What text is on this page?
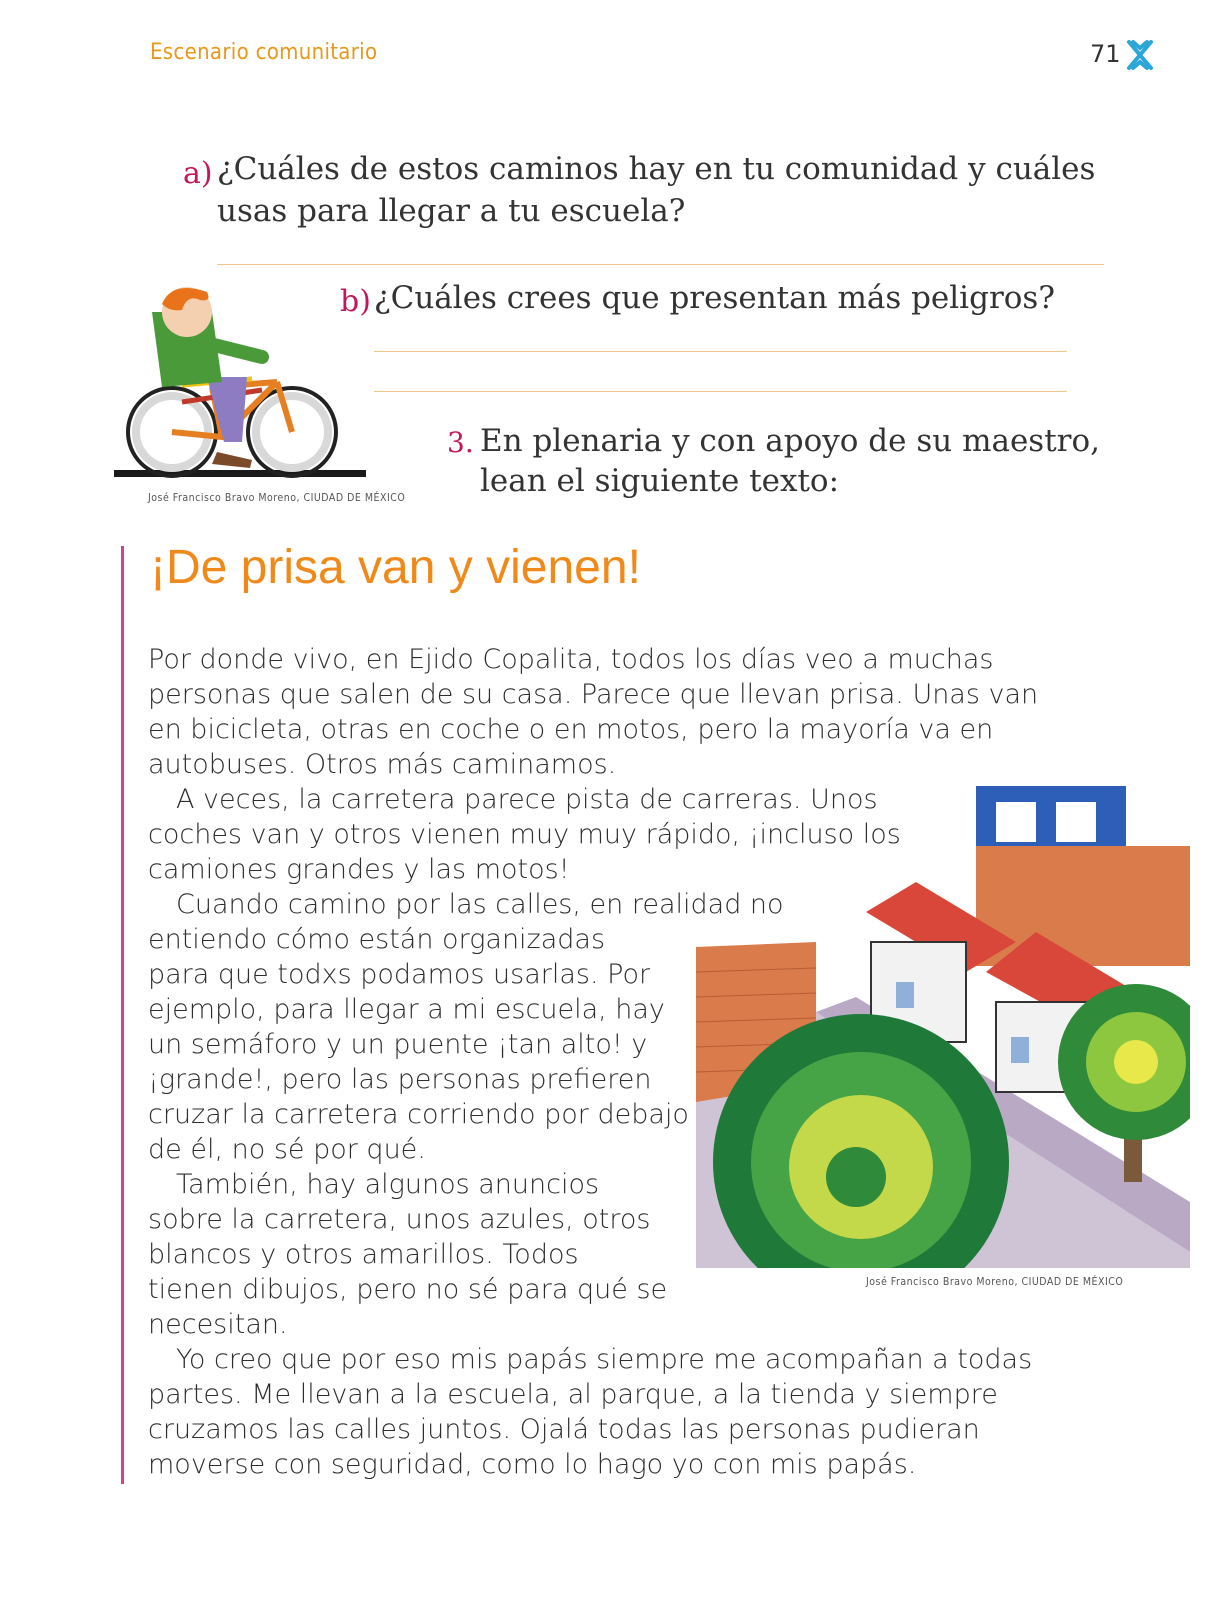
Escenario comunitario	71
a) ¿Cuáles de estos caminos hay en tu comunidad y cuáles
usas para llegar a tu escuela?
b) ¿Cuáles crees que presentan más peligros?
José Francisco Bravo Moreno, CIUDAD DE MÉXICO
3. En plenaria y con apoyo de su maestro,
lean el siguiente texto:
¡De prisa van y vienen!
Por donde vivo, en Ejido Copalita, todos los días veo a muchas
personas que salen de su casa. Parece que llevan prisa. Unas van
en bicicleta, otras en coche o en motos, pero la mayoría va en
autobuses. Otros más caminamos.
A veces, la carretera parece pista de carreras. Unos
coches van y otros vienen muy muy rápido, ¡incluso los
camiones grandes y las motos!
Cuando camino por las calles, en realidad no
entiendo cómo están organizadas
para que todxs podamos usarlas. Por
ejemplo, para llegar a mi escuela, hay
un semáforo y un puente ¡tan alto! y
¡grande!, pero las personas prefieren
cruzar la carretera corriendo por debajo
de él, no sé por qué.
También, hay algunos anuncios
sobre la carretera, unos azules, otros
blancos y otros amarillos. Todos
tienen dibujos, pero no sé para qué se
necesitan.
Yo creo que por eso mis papás siempre me acompañan a todas
partes. Me llevan a la escuela, al parque, a la tienda y siempre
cruzamos las calles juntos. Ojalá todas las personas pudieran
moverse con seguridad, como lo hago yo con mis papás.
José Francisco Bravo Moreno, CIUDAD DE MÉXICO
